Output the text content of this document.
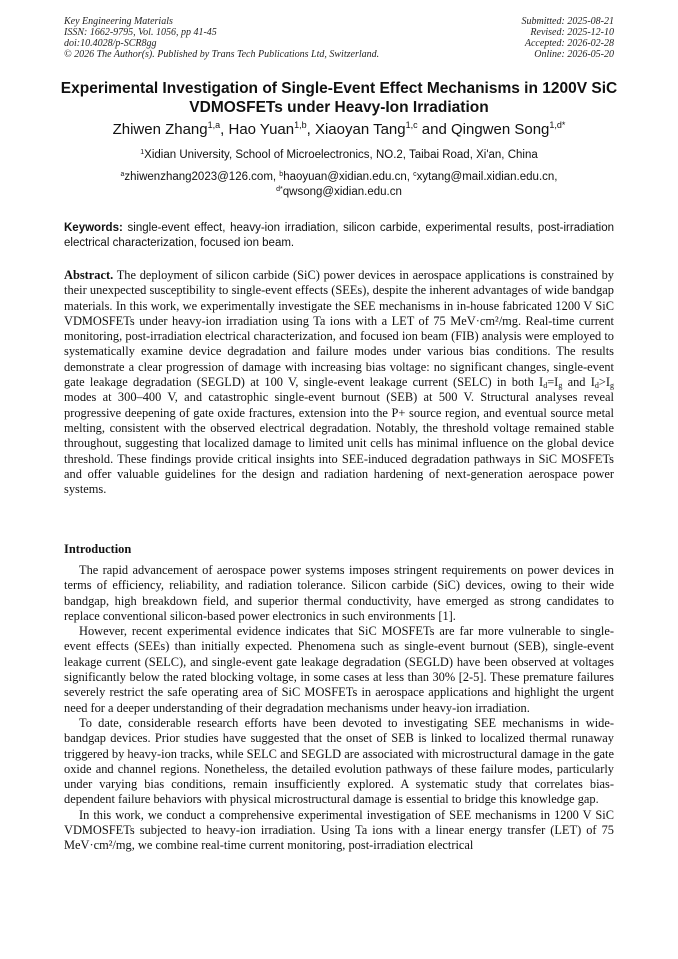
Key Engineering Materials
ISSN: 1662-9795, Vol. 1056, pp 41-45
doi:10.4028/p-SCR8gg
© 2026 The Author(s). Published by Trans Tech Publications Ltd, Switzerland.
Submitted: 2025-08-21
Revised: 2025-12-10
Accepted: 2026-02-28
Online: 2026-05-20
Experimental Investigation of Single-Event Effect Mechanisms in 1200V SiC VDMOSFETs under Heavy-Ion Irradiation
Zhiwen Zhang$^{1,a}$, Hao Yuan$^{1,b}$, Xiaoyan Tang$^{1,c}$ and Qingwen Song$^{1,d*}$
$^1$Xidian University, School of Microelectronics, NO.2, Taibai Road, Xi'an, China
$^a$zhiwenzhang2023@126.com, $^b$haoyuan@xidian.edu.cn, $^c$xytang@mail.xidian.edu.cn,
$^{d*}$qwsong@xidian.edu.cn
Keywords: single-event effect, heavy-ion irradiation, silicon carbide, experimental results, post-irradiation electrical characterization, focused ion beam.
Abstract. The deployment of silicon carbide (SiC) power devices in aerospace applications is constrained by their unexpected susceptibility to single-event effects (SEEs), despite the inherent advantages of wide bandgap materials. In this work, we experimentally investigate the SEE mechanisms in in-house fabricated 1200 V SiC VDMOSFETs under heavy-ion irradiation using Ta ions with a LET of 75 MeV·cm²/mg. Real-time current monitoring, post-irradiation electrical characterization, and focused ion beam (FIB) analysis were employed to systematically examine device degradation and failure modes under various bias conditions. The results demonstrate a clear progression of damage with increasing bias voltage: no significant changes, single-event gate leakage degradation (SEGLD) at 100 V, single-event leakage current (SELC) in both $I_d=I_g$ and $I_d>I_g$ modes at 300–400 V, and catastrophic single-event burnout (SEB) at 500 V. Structural analyses reveal progressive deepening of gate oxide fractures, extension into the P+ source region, and eventual source metal melting, consistent with the observed electrical degradation. Notably, the threshold voltage remained stable throughout, suggesting that localized damage to limited unit cells has minimal influence on the global device threshold. These findings provide critical insights into SEE-induced degradation pathways in SiC MOSFETs and offer valuable guidelines for the design and radiation hardening of next-generation aerospace power systems.
Introduction

The rapid advancement of aerospace power systems imposes stringent requirements on power devices in terms of efficiency, reliability, and radiation tolerance. Silicon carbide (SiC) devices, owing to their wide bandgap, high breakdown field, and superior thermal conductivity, have emerged as strong candidates to replace conventional silicon-based power electronics in such environments [1].

However, recent experimental evidence indicates that SiC MOSFETs are far more vulnerable to single-event effects (SEEs) than initially expected. Phenomena such as single-event burnout (SEB), single-event leakage current (SELC), and single-event gate leakage degradation (SEGLD) have been observed at voltages significantly below the rated blocking voltage, in some cases at less than 30% [2-5]. These premature failures severely restrict the safe operating area of SiC MOSFETs in aerospace applications and highlight the urgent need for a deeper understanding of their degradation mechanisms under heavy-ion irradiation.

To date, considerable research efforts have been devoted to investigating SEE mechanisms in wide-bandgap devices. Prior studies have suggested that the onset of SEB is linked to localized thermal runaway triggered by heavy-ion tracks, while SELC and SEGLD are associated with microstructural damage in the gate oxide and channel regions. Nonetheless, the detailed evolution pathways of these failure modes, particularly under varying bias conditions, remain insufficiently explored. A systematic study that correlates bias-dependent failure behaviors with physical microstructural damage is essential to bridge this knowledge gap.

In this work, we conduct a comprehensive experimental investigation of SEE mechanisms in 1200 V SiC VDMOSFETs subjected to heavy-ion irradiation. Using Ta ions with a linear energy transfer (LET) of 75 MeV·cm²/mg, we combine real-time current monitoring, post-irradiation electrical
